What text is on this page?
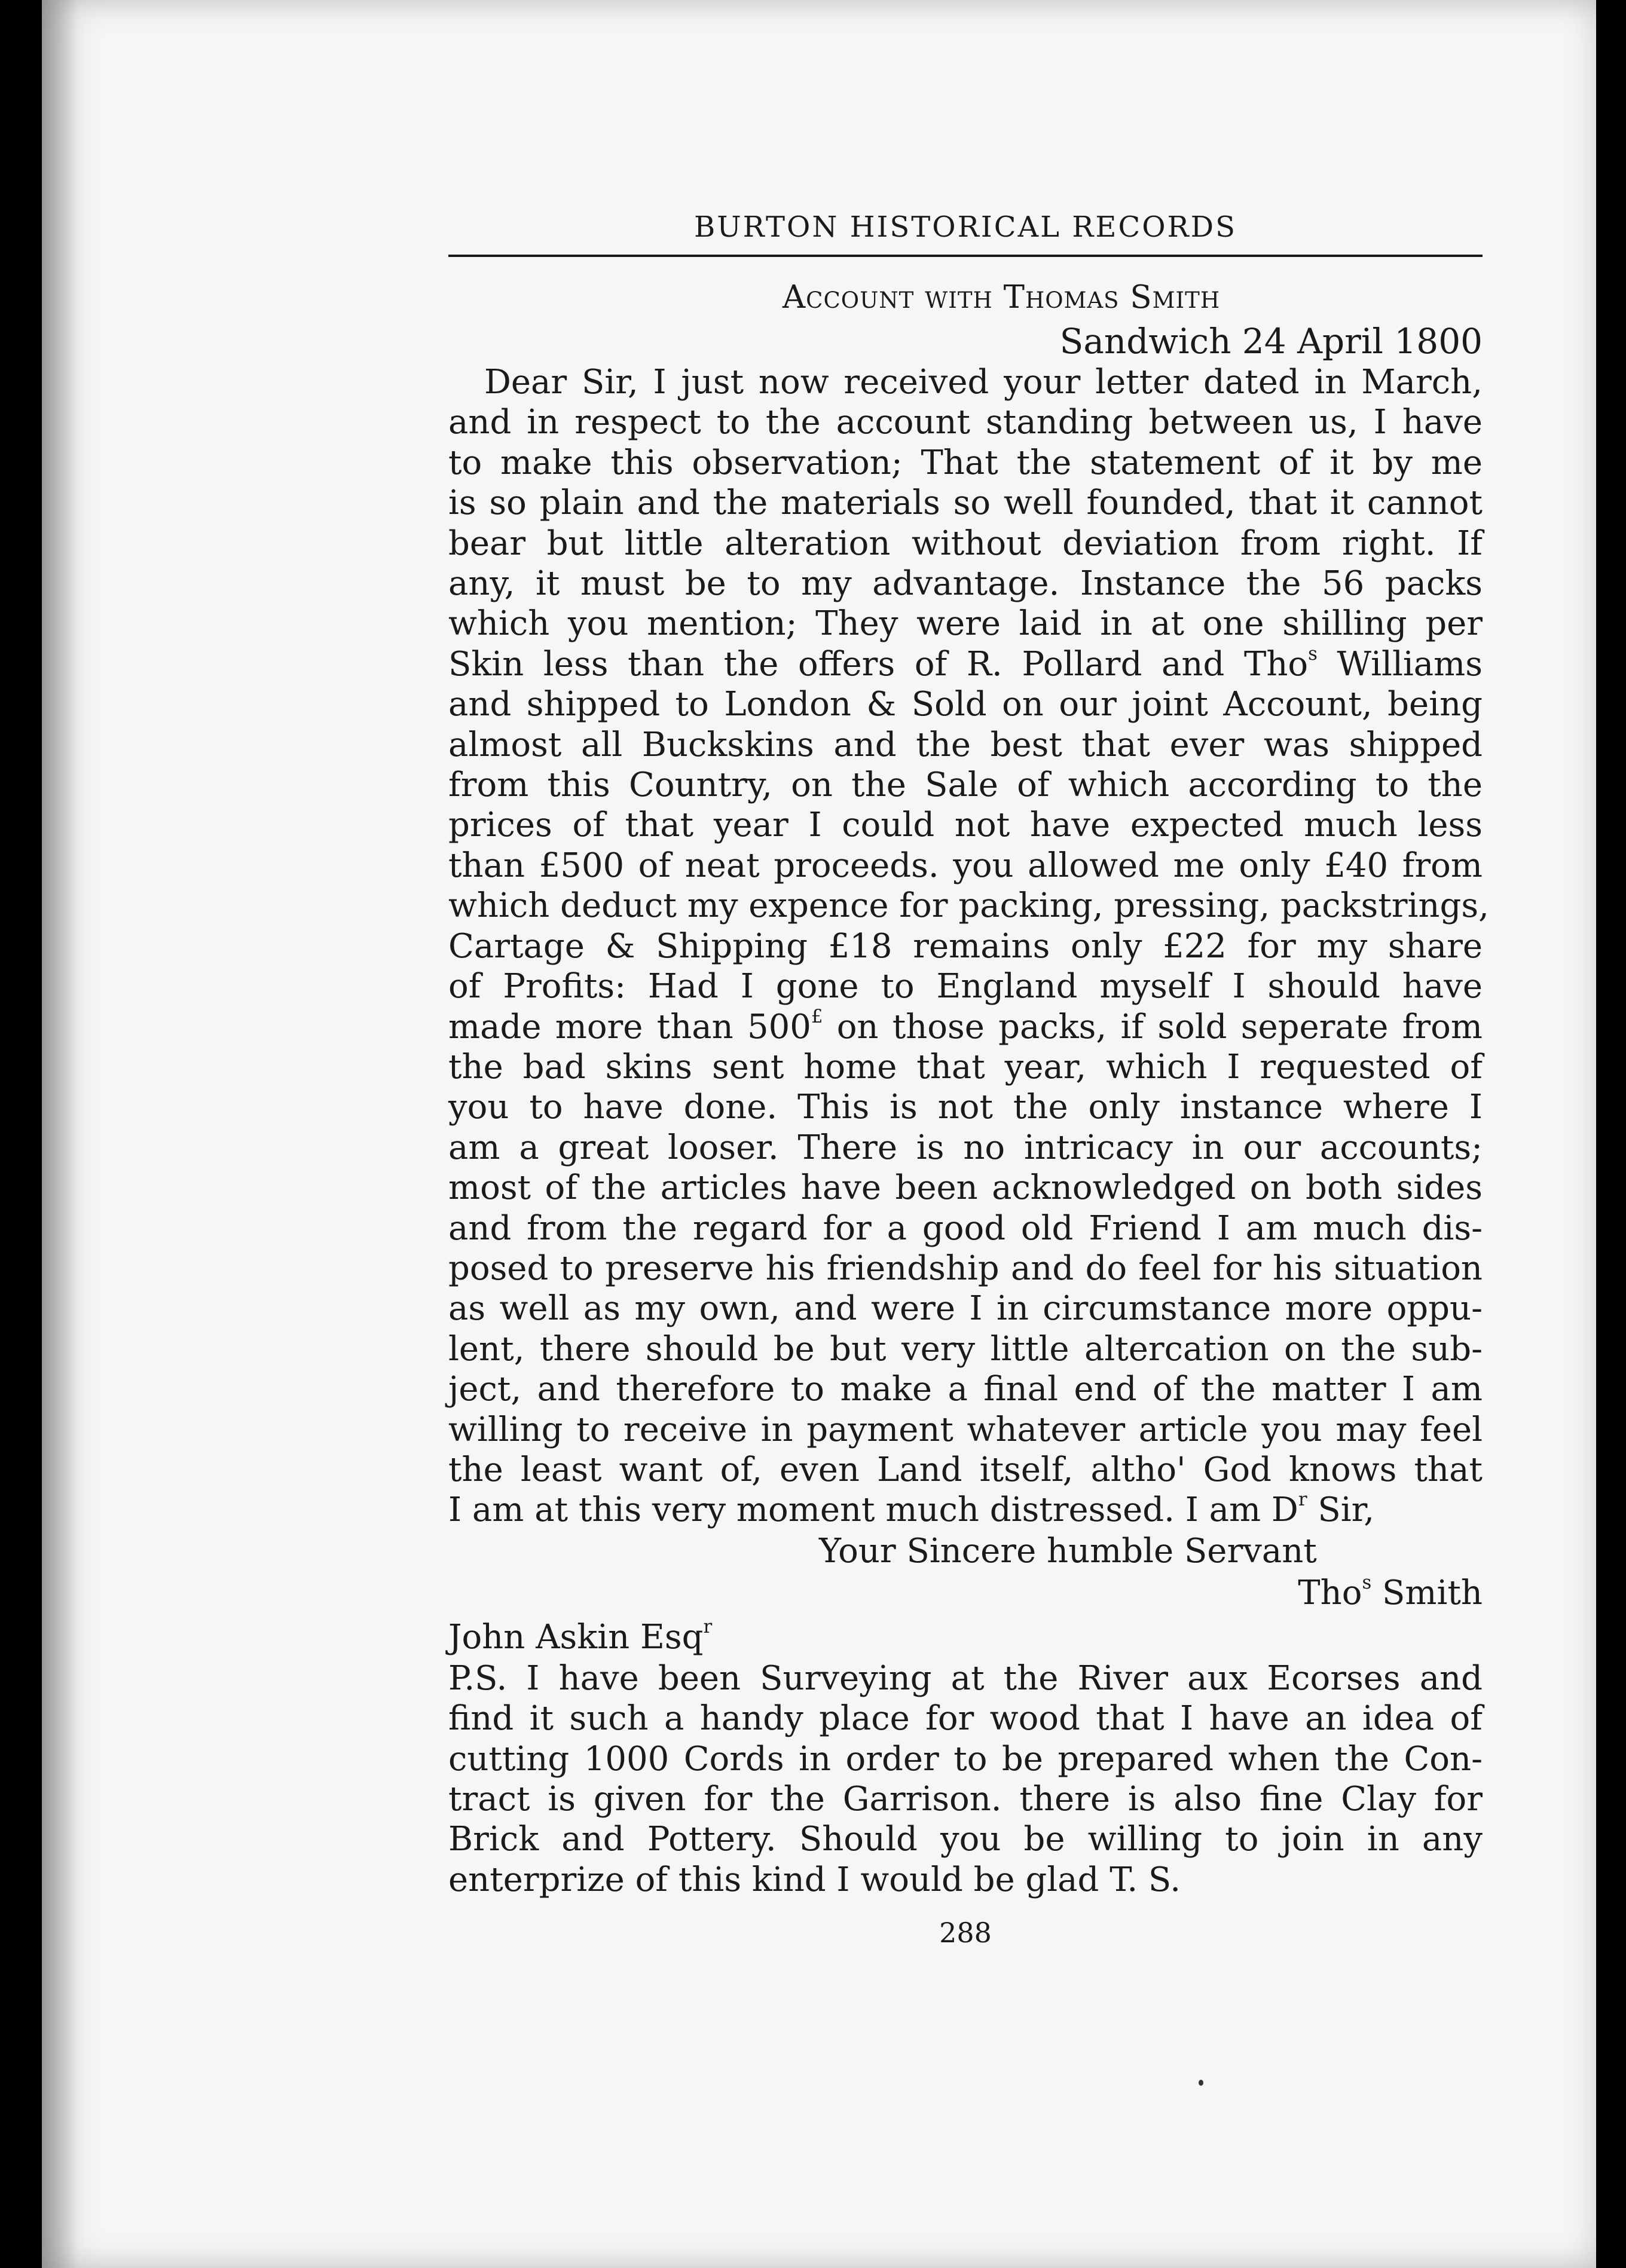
BURTON HISTORICAL RECORDS
Account with Thomas Smith
Sandwich 24 April 1800
Dear Sir, I just now received your letter dated in March,
and in respect to the account standing between us, I have
to make this observation; That the statement of it by me
is so plain and the materials so well founded, that it cannot
bear but little alteration without deviation from right. If
any, it must be to my advantage. Instance the 56 packs
which you mention; They were laid in at one shilling per
Skin less than the offers of R. Pollard and Tho$^s$ Williams
and shipped to London & Sold on our joint Account, being
almost all Buckskins and the best that ever was shipped
from this Country, on the Sale of which according to the
prices of that year I could not have expected much less
than £500 of neat proceeds. you allowed me only £40 from
which deduct my expence for packing, pressing, packstrings,
Cartage & Shipping £18 remains only £22 for my share
of Profits: Had I gone to England myself I should have
made more than 500£ on those packs, if sold seperate from
the bad skins sent home that year, which I requested of
you to have done. This is not the only instance where I
am a great looser. There is no intricacy in our accounts;
most of the articles have been acknowledged on both sides
and from the regard for a good old Friend I am much dis-
posed to preserve his friendship and do feel for his situation
as well as my own, and were I in circumstance more oppu-
lent, there should be but very little altercation on the sub-
ject, and therefore to make a final end of the matter I am
willing to receive in payment whatever article you may feel
the least want of, even Land itself, altho' God knows that
I am at this very moment much distressed. I am $D^r$ Sir,
Your Sincere humble Servant
Tho$^s$ Smith
John Askin Esq$^r$
P.S. I have been Surveying at the River aux Ecorses and
find it such a handy place for wood that I have an idea of
cutting 1000 Cords in order to be prepared when the Con-
tract is given for the Garrison. there is also fine Clay for
Brick and Pottery. Should you be willing to join in any
enterprize of this kind I would be glad T. S.
288
